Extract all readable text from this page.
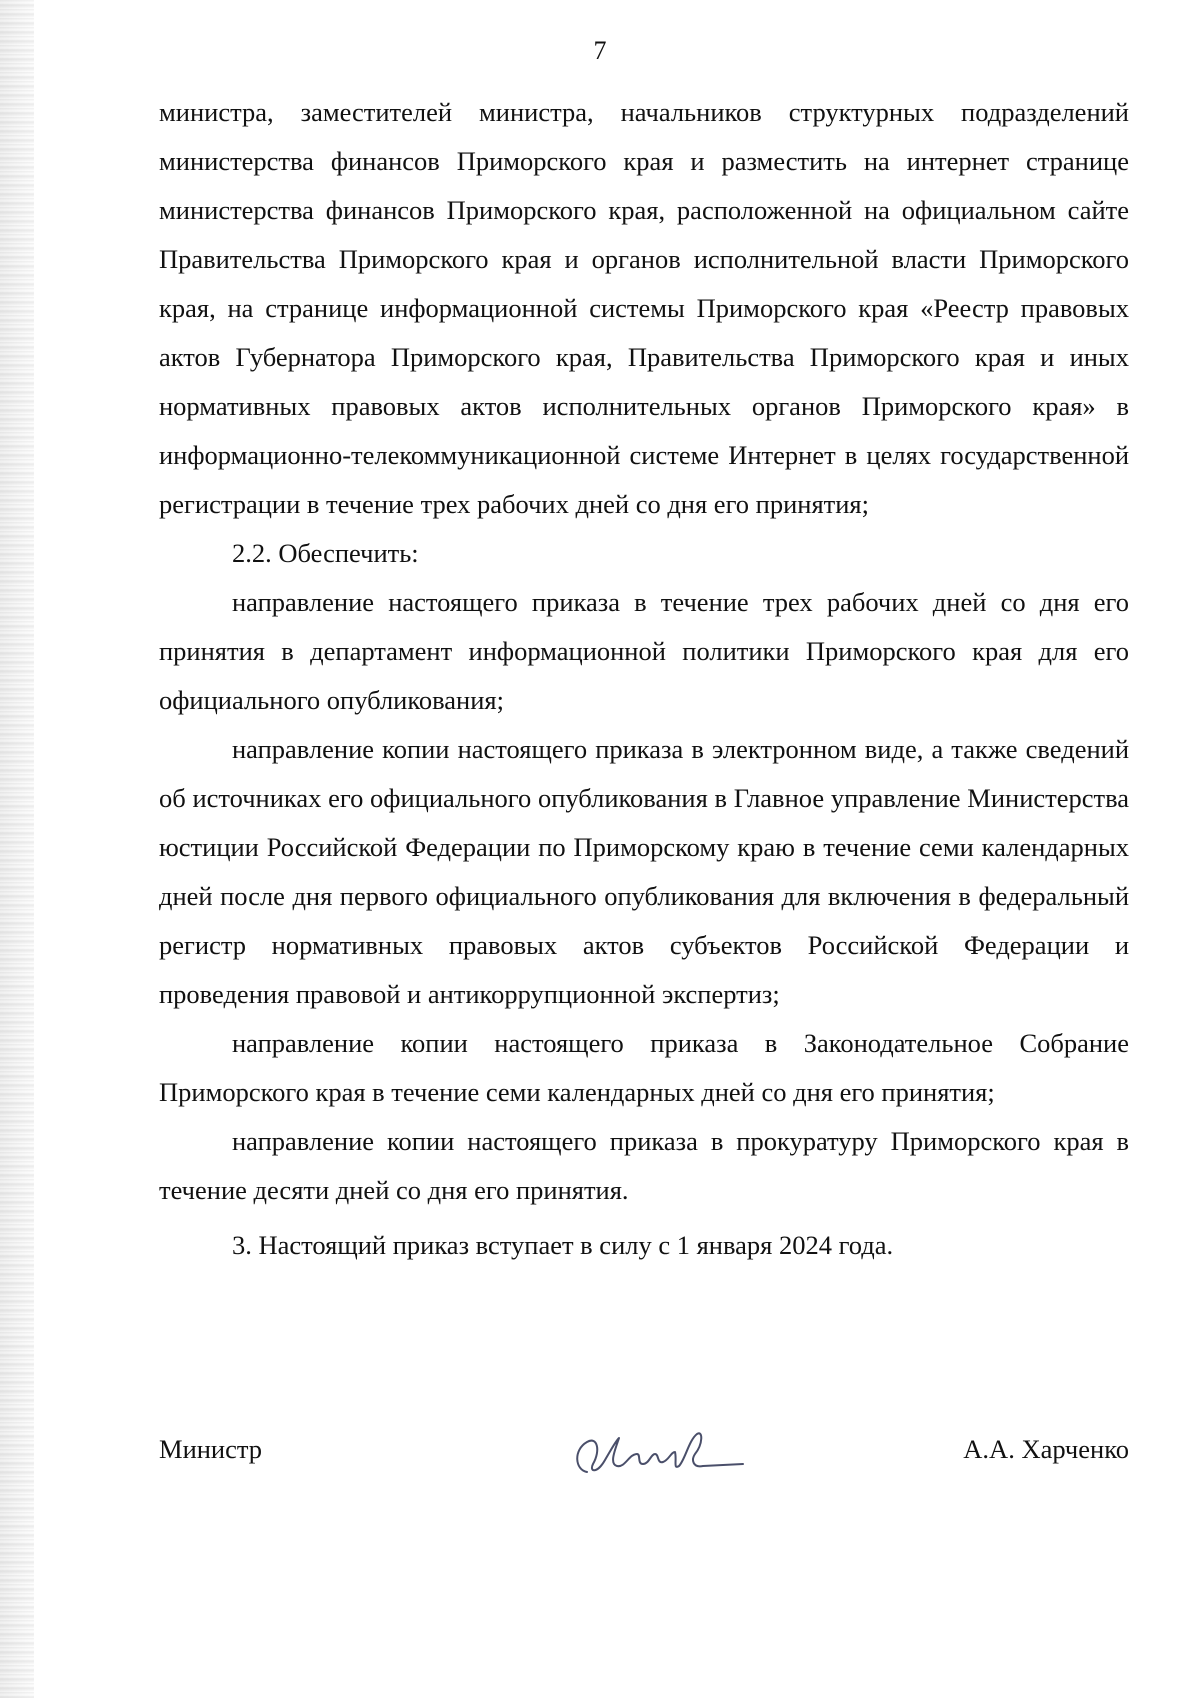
7

министра, заместителей министра, начальников структурных подразделений министерства финансов Приморского края и разместить на интернет странице министерства финансов Приморского края, расположенной на официальном сайте Правительства Приморского края и органов исполнительной власти Приморского края, на странице информационной системы Приморского края «Реестр правовых актов Губернатора Приморского края, Правительства Приморского края и иных нормативных правовых актов исполнительных органов Приморского края» в информационно-телекоммуникационной системе Интернет в целях государственной регистрации в течение трех рабочих дней со дня его принятия;

2.2. Обеспечить:

направление настоящего приказа в течение трех рабочих дней со дня его принятия в департамент информационной политики Приморского края для его официального опубликования;

направление копии настоящего приказа в электронном виде, а также сведений об источниках его официального опубликования в Главное управление Министерства юстиции Российской Федерации по Приморскому краю в течение семи календарных дней после дня первого официального опубликования для включения в федеральный регистр нормативных правовых актов субъектов Российской Федерации и проведения правовой и антикоррупционной экспертиз;

направление копии настоящего приказа в Законодательное Собрание Приморского края в течение семи календарных дней со дня его принятия;

направление копии настоящего приказа в прокуратуру Приморского края в течение десяти дней со дня его принятия.

3. Настоящий приказ вступает в силу с 1 января 2024 года.

Министр	А.А. Харченко
